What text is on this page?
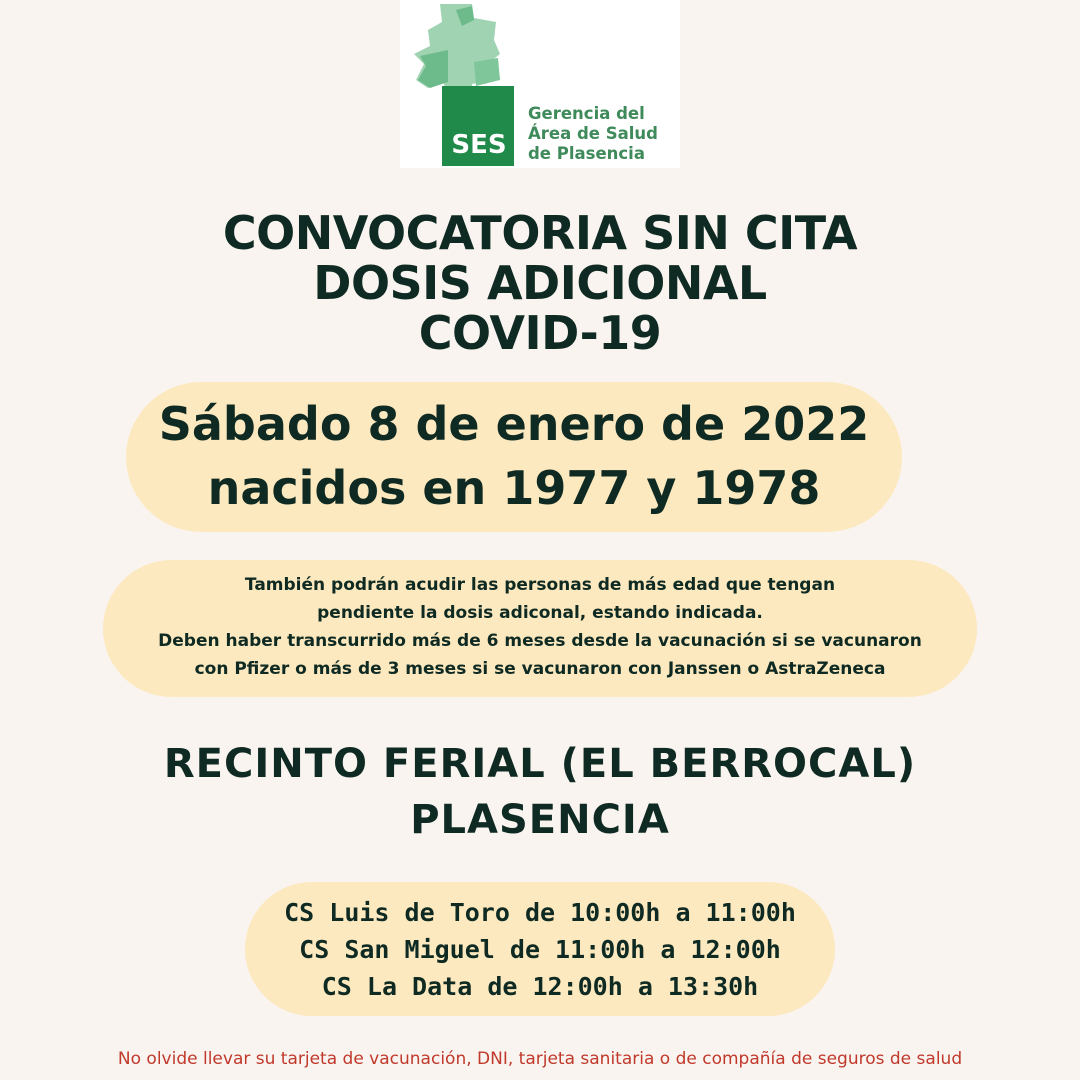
SES
Gerencia del
Área de Salud
de Plasencia
CONVOCATORIA SIN CITA
DOSIS ADICIONAL
COVID-19
Sábado 8 de enero de 2022
nacidos en 1977 y 1978
También podrán acudir las personas de más edad que tengan
pendiente la dosis adiconal, estando indicada.
Deben haber transcurrido más de 6 meses desde la vacunación si se vacunaron
con Pfizer o más de 3 meses si se vacunaron con Janssen o AstraZeneca
RECINTO FERIAL (EL BERROCAL)
PLASENCIA
CS Luis de Toro de 10:00h a 11:00h
CS San Miguel de 11:00h a 12:00h
CS La Data de 12:00h a 13:30h
No olvide llevar su tarjeta de vacunación, DNI, tarjeta sanitaria o de compañía de seguros de salud
